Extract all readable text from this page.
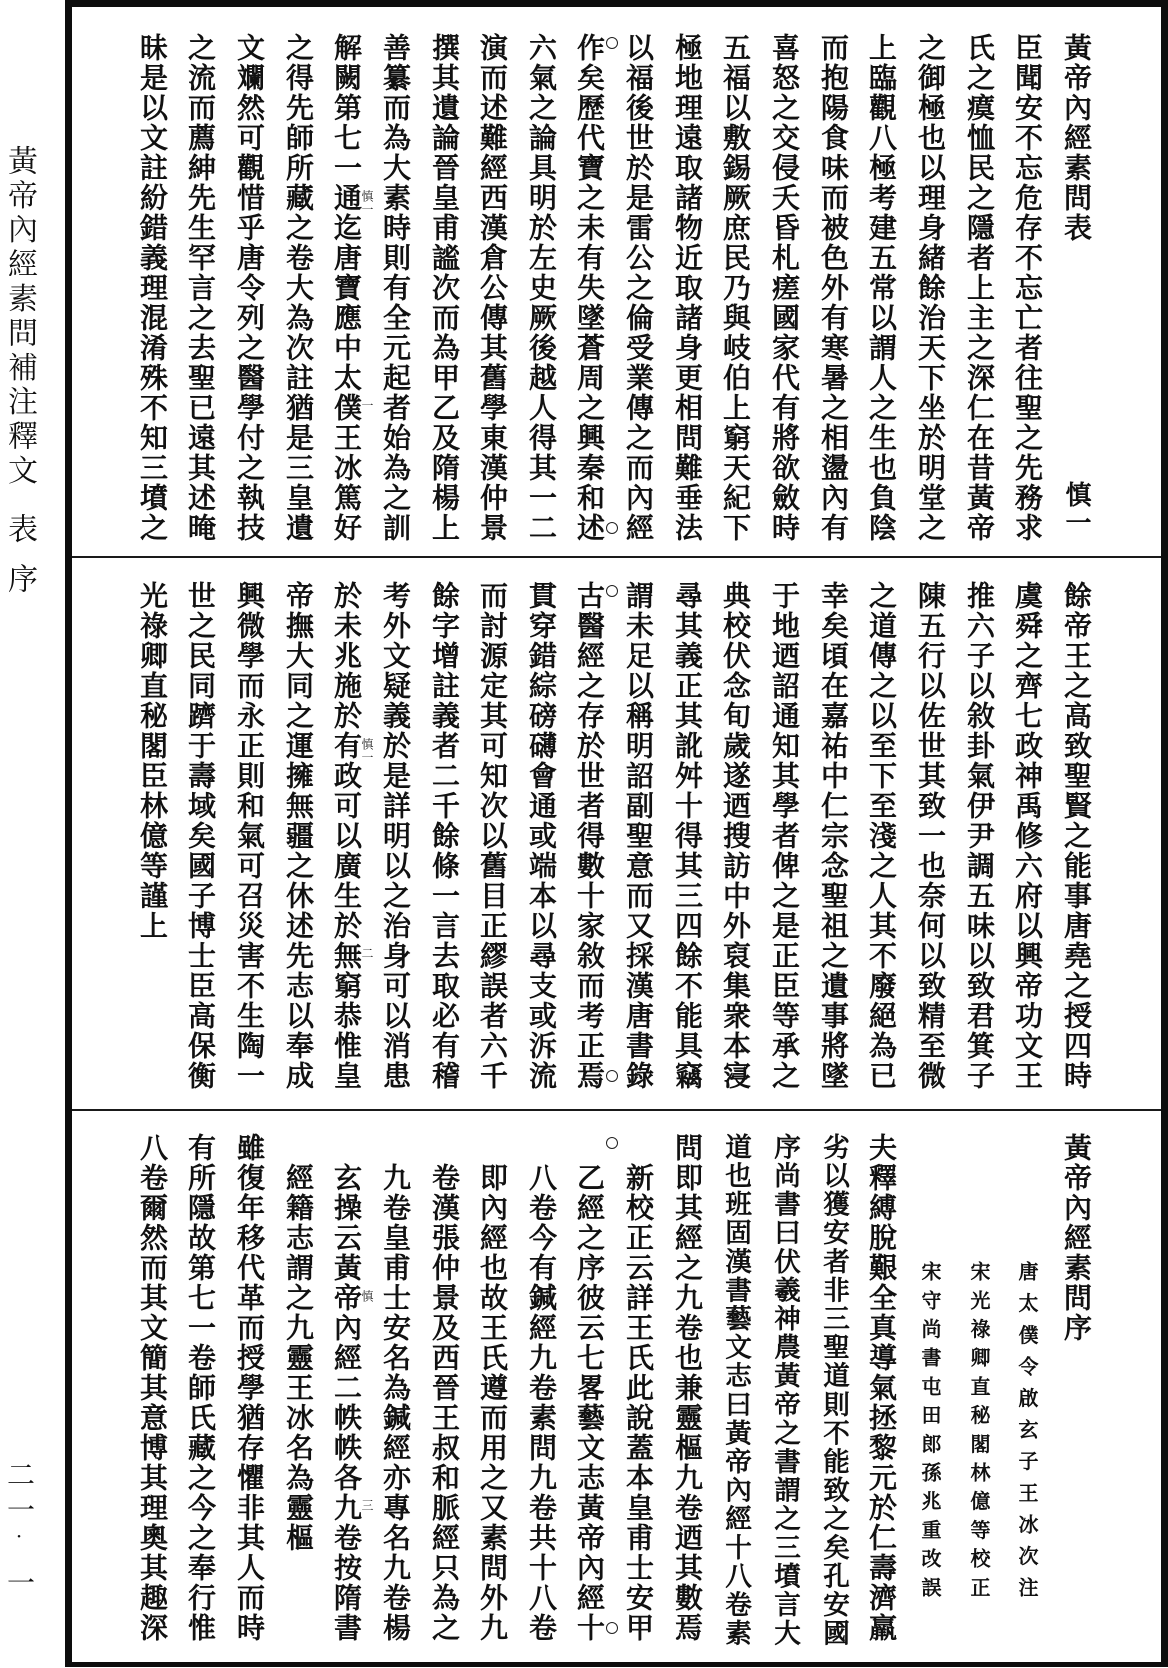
黃帝內經素問補注釋文
表
序
二一
·
一
黃帝內經素問表
慎一
臣聞安不忘危存不忘亡者往聖之先務求
氏之瘼恤民之隱者上主之深仁在昔黃帝
之御極也以理身緒餘治天下坐於明堂之
上臨觀八極考建五常以謂人之生也負陰
而抱陽食味而被色外有寒暑之相盪內有
喜怒之交侵夭昏札瘥國家代有將欲斂時
五福以敷錫厥庶民乃與岐伯上窮天紀下
極地理遠取諸物近取諸身更相問難垂法
以福後世於是雷公之倫受業傳之而內經
作矣歷代寶之未有失墜蒼周之興秦和述
六氣之論具明於左史厥後越人得其一二
演而述難經西漢倉公傳其舊學東漢仲景
撰其遺論晉皇甫謐次而為甲乙及隋楊上
善纂而為大素時則有全元起者始為之訓
慎一
一
解闕第七一通迄唐寶應中太僕王冰篤好
之得先師所藏之卷大為次註猶是三皇遺
文斕然可觀惜乎唐令列之醫學付之執技
之流而薦紳先生罕言之去聖已遠其述晻
昧是以文註紛錯義理混淆殊不知三墳之
餘帝王之高致聖賢之能事唐堯之授四時
虞舜之齊七政神禹修六府以興帝功文王
推六子以敘卦氣伊尹調五味以致君箕子
陳五行以佐世其致一也奈何以致精至微
之道傳之以至下至淺之人其不廢絕為已
幸矣頃在嘉祐中仁宗念聖祖之遺事將墜
于地迺詔通知其學者俾之是正臣等承之
典校伏念旬歲遂迺搜訪中外裒集衆本寖
尋其義正其訛舛十得其三四餘不能具竊
謂未足以稱明詔副聖意而又採漢唐書錄
古醫經之存於世者得數十家敘而考正焉
貫穿錯綜磅礴會通或端本以尋支或泝流
而討源定其可知次以舊目正繆誤者六千
餘字增註義者二千餘條一言去取必有稽
考外文疑義於是詳明以之治身可以消患
慎一
二
於未兆施於有政可以廣生於無窮恭惟皇
帝撫大同之運擁無疆之休述先志以奉成
興微學而永正則和氣可召災害不生陶一
世之民同躋于壽域矣國子博士臣高保衡
光祿卿直秘閣臣林億等謹上
黃帝內經素問序
唐太僕令啟玄子王冰次注
宋光祿卿直秘閣林億等校正
宋守尚書屯田郎孫兆重改誤
夫釋縛脫艱全真導氣拯黎元於仁壽濟羸
劣以獲安者非三聖道則不能致之矣孔安國
序尚書曰伏羲神農黃帝之書謂之三墳言大
道也班固漢書藝文志曰黃帝內經十八卷素
問即其經之九卷也兼靈樞九卷迺其數焉
新校正云詳王氏此說蓋本皇甫士安甲
乙經之序彼云七畧藝文志黃帝內經十
八卷今有鍼經九卷素問九卷共十八卷
即內經也故王氏遵而用之又素問外九
卷漢張仲景及西晉王叔和脈經只為之
九卷皇甫士安名為鍼經亦專名九卷楊
慎
三
玄操云黃帝內經二帙帙各九卷按隋書
經籍志謂之九靈王冰名為靈樞
雖復年移代革而授學猶存懼非其人而時
有所隱故第七一卷師氏藏之今之奉行惟
八卷爾然而其文簡其意博其理奧其趣深
